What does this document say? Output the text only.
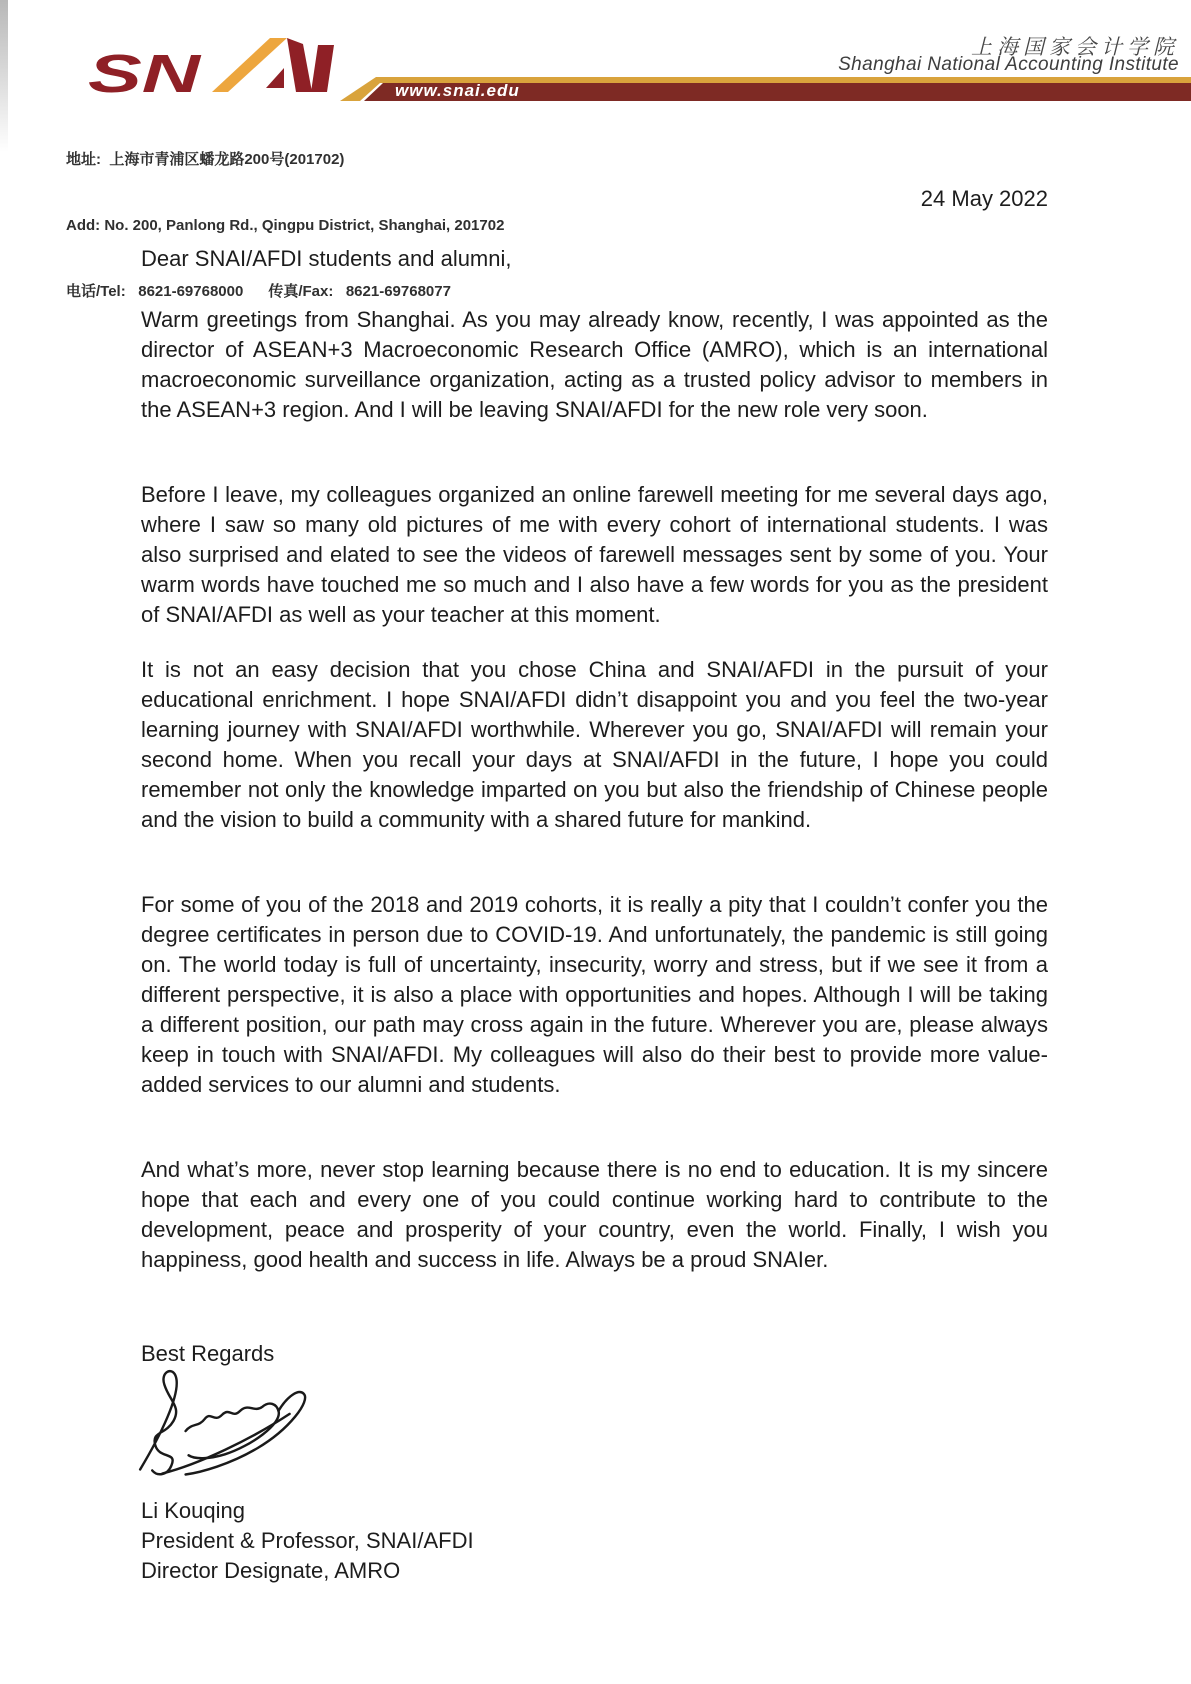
SN	www.snai.edu
上海国家会计学院
Shanghai National Accounting Institute

地址:  上海市青浦区蟠龙路200号(201702)

Add: No. 200, Panlong Rd., Qingpu District, Shanghai, 201702

电话/Tel:   8621-69768000      传真/Fax:   8621-69768077

24 May 2022
Dear SNAI/AFDI students and alumni,

Warm greetings from Shanghai. As you may already know, recently, I was appointed as the director of ASEAN+3 Macroeconomic Research Office (AMRO), which is an international macroeconomic surveillance organization, acting as a trusted policy advisor to members in the ASEAN+3 region. And I will be leaving SNAI/AFDI for the new role very soon.

Before I leave, my colleagues organized an online farewell meeting for me several days ago, where I saw so many old pictures of me with every cohort of international students. I was also surprised and elated to see the videos of farewell messages sent by some of you. Your warm words have touched me so much and I also have a few words for you as the president of SNAI/AFDI as well as your teacher at this moment.

It is not an easy decision that you chose China and SNAI/AFDI in the pursuit of your educational enrichment. I hope SNAI/AFDI didn’t disappoint you and you feel the two-year learning journey with SNAI/AFDI worthwhile. Wherever you go, SNAI/AFDI will remain your second home. When you recall your days at SNAI/AFDI in the future, I hope you could remember not only the knowledge imparted on you but also the friendship of Chinese people and the vision to build a community with a shared future for mankind.

For some of you of the 2018 and 2019 cohorts, it is really a pity that I couldn’t confer you the degree certificates in person due to COVID-19. And unfortunately, the pandemic is still going on. The world today is full of uncertainty, insecurity, worry and stress, but if we see it from a different perspective, it is also a place with opportunities and hopes. Although I will be taking a different position, our path may cross again in the future. Wherever you are, please always keep in touch with SNAI/AFDI. My colleagues will also do their best to provide more value-added services to our alumni and students.

And what’s more, never stop learning because there is no end to education. It is my sincere hope that each and every one of you could continue working hard to contribute to the development, peace and prosperity of your country, even the world. Finally, I wish you happiness, good health and success in life. Always be a proud SNAIer.

Best Regards
Li Kouqing
President & Professor, SNAI/AFDI
Director Designate, AMRO
